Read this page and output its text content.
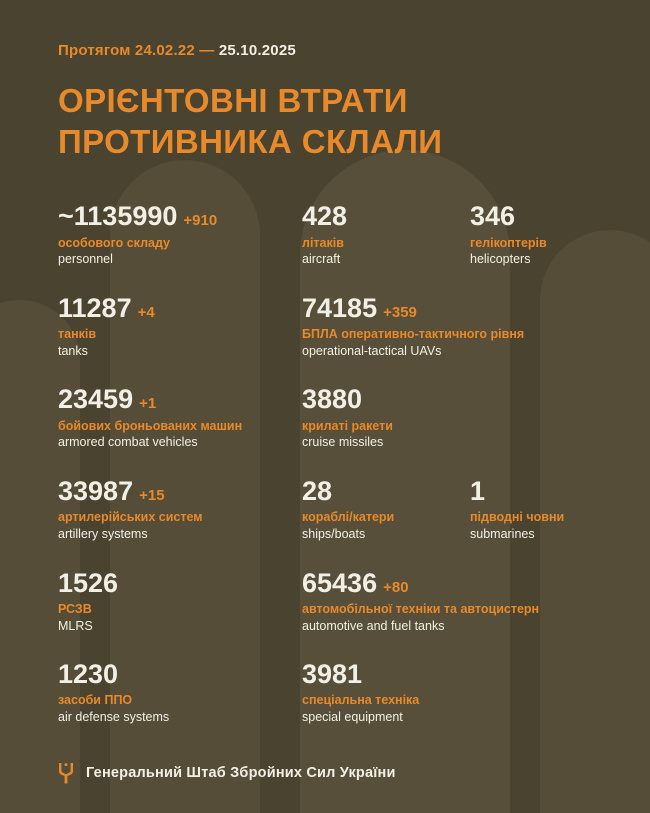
Протягом 24.02.22 — 25.10.2025
ОРІЄНТОВНІ ВТРАТИ
ПРОТИВНИКА СКЛАЛИ
~1135990 +910
особового складу
personnel
428
літаків
aircraft
346
гелікоптерів
helicopters
11287 +4
танків
tanks
74185 +359
БПЛА оперативно-тактичного рівня
operational-tactical UAVs
23459 +1
бойових броньованих машин
armored combat vehicles
3880
крилаті ракети
cruise missiles
33987 +15
артилерійських систем
artillery systems
28
кораблі/катери
ships/boats
1
підводні човни
submarines
1526
РСЗВ
MLRS
65436 +80
автомобільної техніки та автоцистерн
automotive and fuel tanks
1230
засоби ППО
air defense systems
3981
спеціальна техніка
special equipment
Генеральний Штаб Збройних Сил України
